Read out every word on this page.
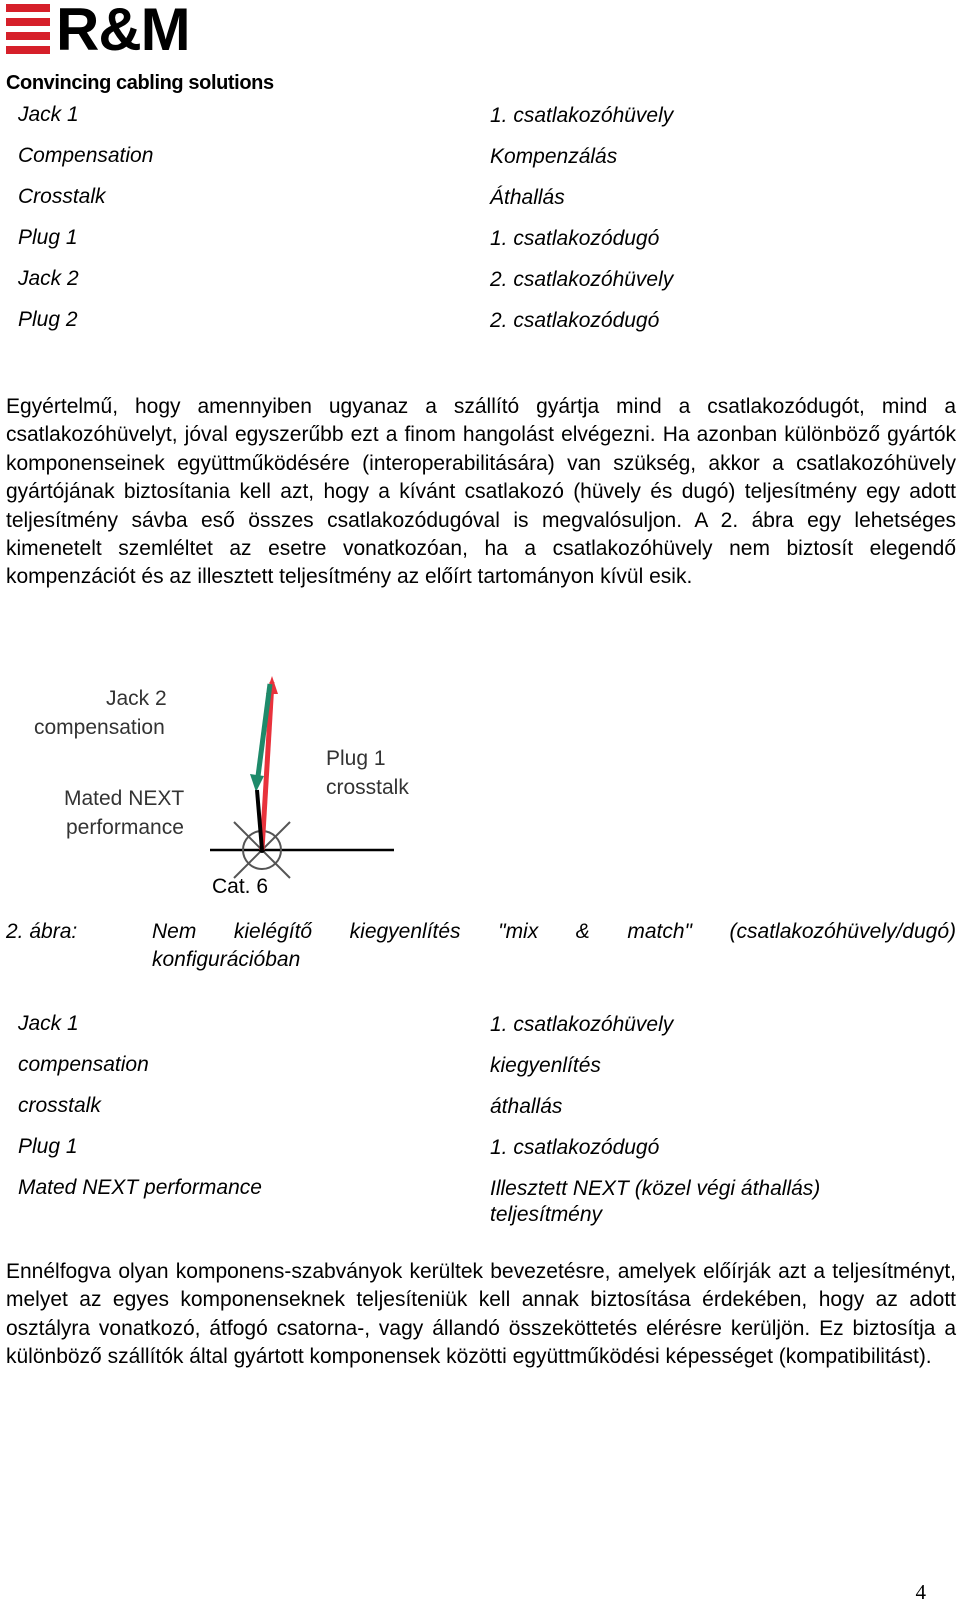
R&M
Convincing cabling solutions
Jack 1	1. csatlakozóhüvely
Compensation	Kompenzálás
Crosstalk	Áthallás
Plug 1	1. csatlakozódugó
Jack 2	2. csatlakozóhüvely
Plug 2	2. csatlakozódugó

Egyértelmű, hogy amennyiben ugyanaz a szállító gyártja mind a csatlakozódugót, mind a csatlakozóhüvelyt, jóval egyszerűbb ezt a finom hangolást elvégezni. Ha azonban különböző gyártók komponenseinek együttműködésére (interoperabilitására) van szükség, akkor a csatlakozóhüvely gyártójának biztosítania kell azt, hogy a kívánt csatlakozó (hüvely és dugó) teljesítmény egy adott teljesítmény sávba eső összes csatlakozódugóval is megvalósuljon. A 2. ábra egy lehetséges kimenetelt szemléltet az esetre vonatkozóan, ha a csatlakozóhüvely nem biztosít elegendő kompenzációt és az illesztett teljesítmény az előírt tartományon kívül esik.

Jack 2
compensation
Plug 1
crosstalk
Mated NEXT
performance
Cat. 6
2. ábra:	Nem kielégítő kiegyenlítés "mix & match" (csatlakozóhüvely/dugó)
konfigurációban
Jack 1	1. csatlakozóhüvely
compensation	kiegyenlítés
crosstalk	áthallás
Plug 1	1. csatlakozódugó
Mated NEXT performance	Illesztett NEXT (közel végi áthallás) teljesítmény

Ennélfogva olyan komponens-szabványok kerültek bevezetésre, amelyek előírják azt a teljesítményt, melyet az egyes komponenseknek teljesíteniük kell annak biztosítása érdekében, hogy az adott osztályra vonatkozó, átfogó csatorna-, vagy állandó összeköttetés elérésre kerüljön. Ez biztosítja a különböző szállítók által gyártott komponensek közötti együttműködési képességet (kompatibilitást).

4
